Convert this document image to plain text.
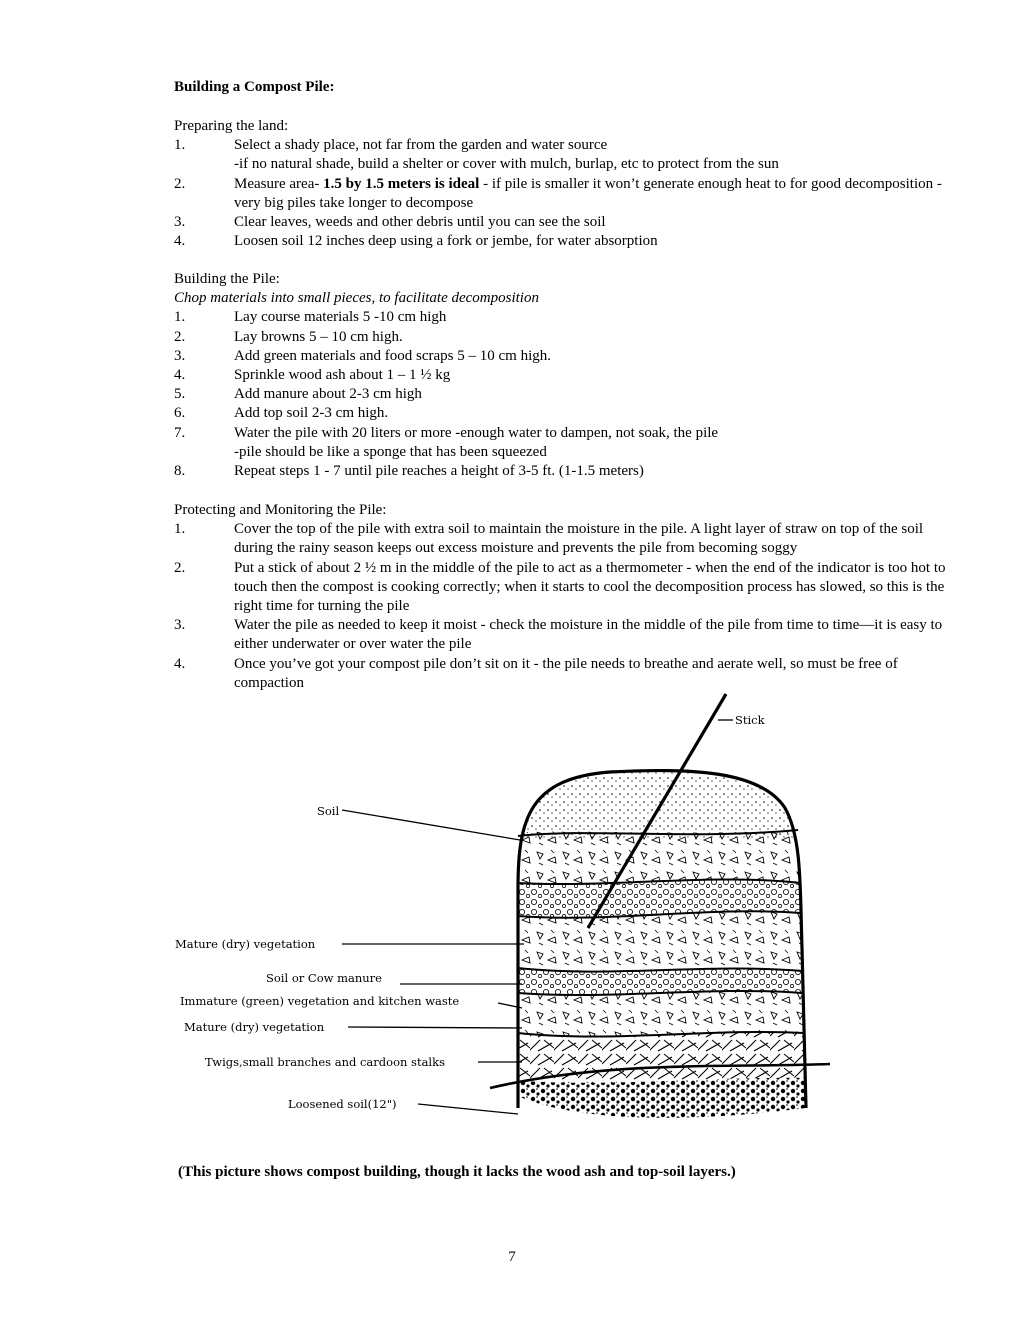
Building a Compost Pile:

Preparing the land:

1.	Select a shady place, not far from the garden and water source
-if no natural shade, build a shelter or cover with mulch, burlap, etc to protect from the sun
2.	Measure area- 1.5 by 1.5 meters is ideal - if pile is smaller it won’t generate enough heat to for good decomposition - very big piles take longer to decompose
3.	Clear leaves, weeds and other debris until you can see the soil
4.	Loosen soil 12 inches deep using a fork or jembe, for water absorption

Building the Pile:

Chop materials into small pieces, to facilitate decomposition

1.	Lay course materials 5 -10 cm high
2.	Lay browns 5 – 10 cm high.
3.	Add green materials and food scraps 5 – 10 cm high.
4.	Sprinkle wood ash about 1 – 1 ½ kg
5.	Add manure about 2-3 cm high
6.	Add top soil 2-3 cm high.
7.	Water the pile with 20 liters or more -enough water to dampen, not soak, the pile
-pile should be like a sponge that has been squeezed
8.	Repeat steps 1 - 7 until pile reaches a height of 3-5 ft. (1-1.5 meters)

Protecting and Monitoring the Pile:

1.	Cover the top of the pile with extra soil to maintain the moisture in the pile. A light layer of straw on top of the soil during the rainy season keeps out excess moisture and prevents the pile from becoming soggy
2.	Put a stick of about 2 ½ m in the middle of the pile to act as a thermometer - when the end of the indicator is too hot to touch then the compost is cooking correctly; when it starts to cool the decomposition process has slowed, so this is the right time for turning the pile
3.	Water the pile as needed to keep it moist - check the moisture in the middle of the pile from time to time—it is easy to either underwater or over water the pile
4.	Once you’ve got your compost pile don’t sit on it - the pile needs to breathe and aerate well, so must be free of compaction
Stick
Soil
Mature (dry) vegetation
Soil or Cow manure
Immature (green) vegetation and kitchen waste
Mature (dry) vegetation
Twigs,small branches and cardoon stalks
Loosened soil(12")
(This picture shows compost building, though it lacks the wood ash and top-soil layers.)
7
